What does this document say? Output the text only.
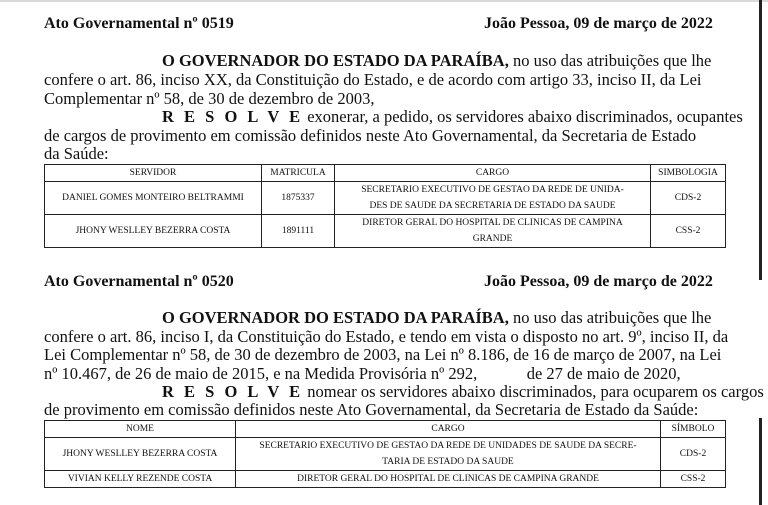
Ato Governamental nº 0519	João Pessoa, 09 de março de 2022
O GOVERNADOR DO ESTADO DA PARAÍBA, no uso das atribuições que lhe
confere o art. 86, inciso XX, da Constituição do Estado, e de acordo com artigo 33, inciso II, da Lei
Complementar nº 58, de 30 de dezembro de 2003,
R E S O L V E exonerar, a pedido, os servidores abaixo discriminados, ocupantes
de cargos de provimento em comissão definidos neste Ato Governamental, da Secretaria de Estado
da Saúde:
SERVIDOR	MATRICULA	CARGO	SIMBOLOGIA
DANIEL GOMES MONTEIRO BELTRAMMI	1875337	SECRETARIO EXECUTIVO DE GESTAO DA REDE DE UNIDA-
DES DE SAUDE DA SECRETARIA DE ESTADO DA SAUDE	CDS-2
JHONY WESLLEY BEZERRA COSTA	1891111	DIRETOR GERAL DO HOSPITAL DE CLINICAS DE CAMPINA
GRANDE	CSS-2
Ato Governamental nº 0520	João Pessoa, 09 de março de 2022
O GOVERNADOR DO ESTADO DA PARAÍBA, no uso das atribuições que lhe
confere o art. 86, inciso I, da Constituição do Estado, e tendo em vista o disposto no art. 9º, inciso II, da
Lei Complementar nº 58, de 30 de dezembro de 2003, na Lei nº 8.186, de 16 de março de 2007, na Lei
nº 10.467, de 26 de maio de 2015, e na Medida Provisória nº 292,            de 27 de maio de 2020,
R E S O L V E nomear os servidores abaixo discriminados, para ocuparem os cargos
de provimento em comissão definidos neste Ato Governamental, da Secretaria de Estado da Saúde:
NOME	CARGO	SÍMBOLO
JHONY WESLLEY BEZERRA COSTA	SECRETARIO EXECUTIVO DE GESTAO DA REDE DE UNIDADES DE SAUDE DA SECRE-
TARIA DE ESTADO DA SAUDE	CDS-2
VIVIAN KELLY REZENDE COSTA	DIRETOR GERAL DO HOSPITAL DE CLINICAS DE CAMPINA GRANDE	CSS-2
